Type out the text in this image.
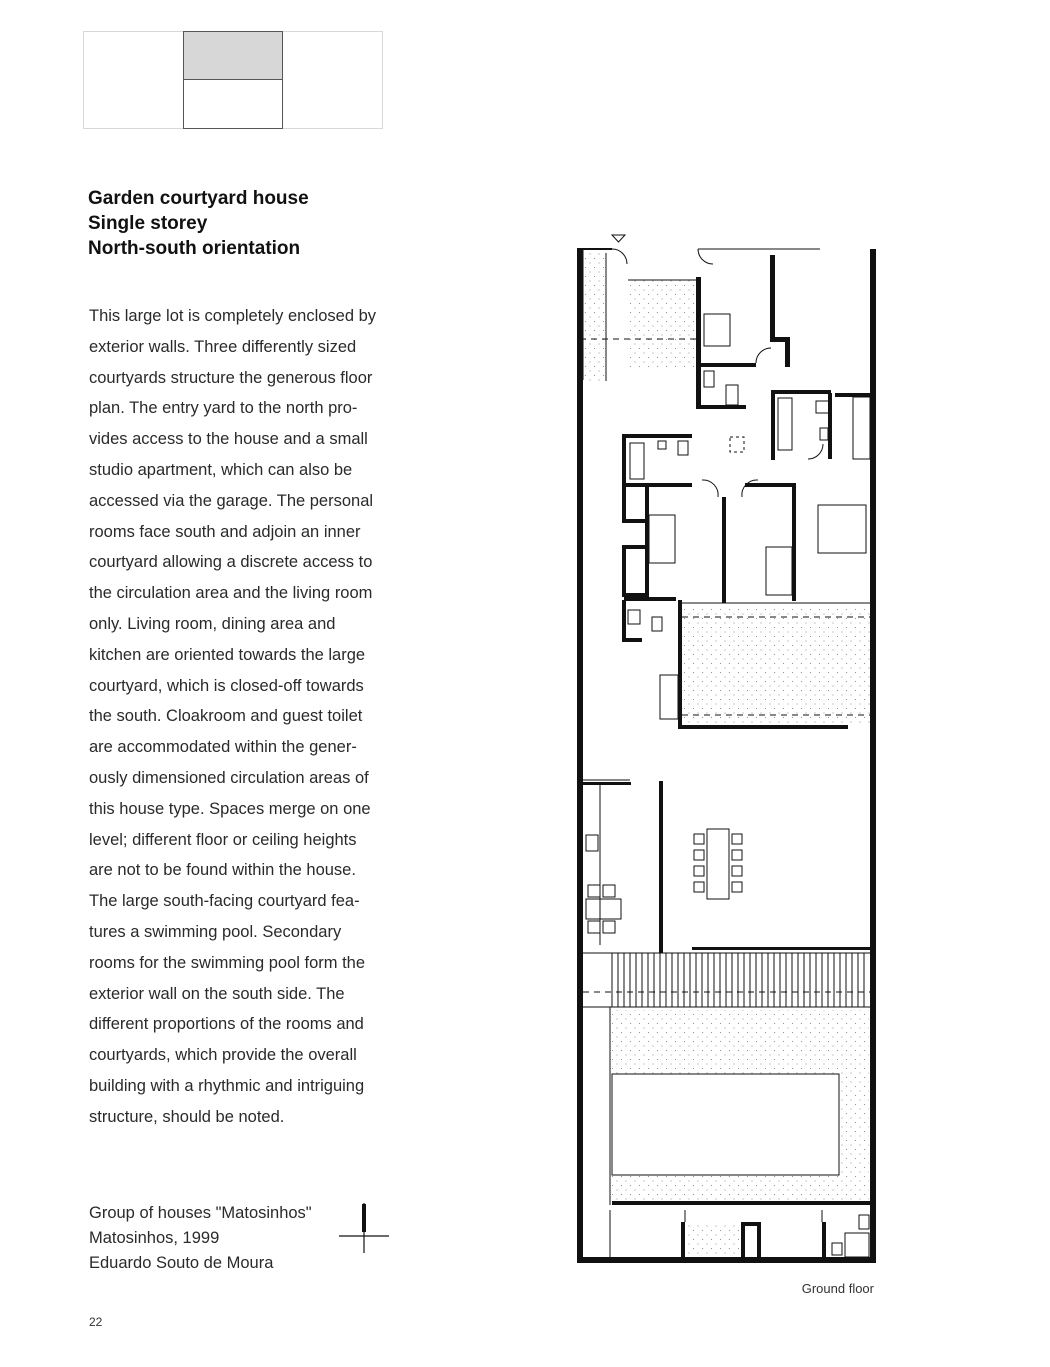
Garden courtyard house
Single storey
North-south orientation
This large lot is completely enclosed by
exterior walls. Three differently sized
courtyards structure the generous floor
plan. The entry yard to the north pro-
vides access to the house and a small
studio apartment, which can also be
accessed via the garage. The personal
rooms face south and adjoin an inner
courtyard allowing a discrete access to
the circulation area and the living room
only. Living room, dining area and
kitchen are oriented towards the large
courtyard, which is closed-off towards
the south. Cloakroom and guest toilet
are accommodated within the gener-
ously dimensioned circulation areas of
this house type. Spaces merge on one
level; different floor or ceiling heights
are not to be found within the house.
The large south-facing courtyard fea-
tures a swimming pool. Secondary
rooms for the swimming pool form the
exterior wall on the south side. The
different proportions of the rooms and
courtyards, which provide the overall
building with a rhythmic and intriguing
structure, should be noted.
Group of houses "Matosinhos"
Matosinhos, 1999
Eduardo Souto de Moura
Ground floor
22
